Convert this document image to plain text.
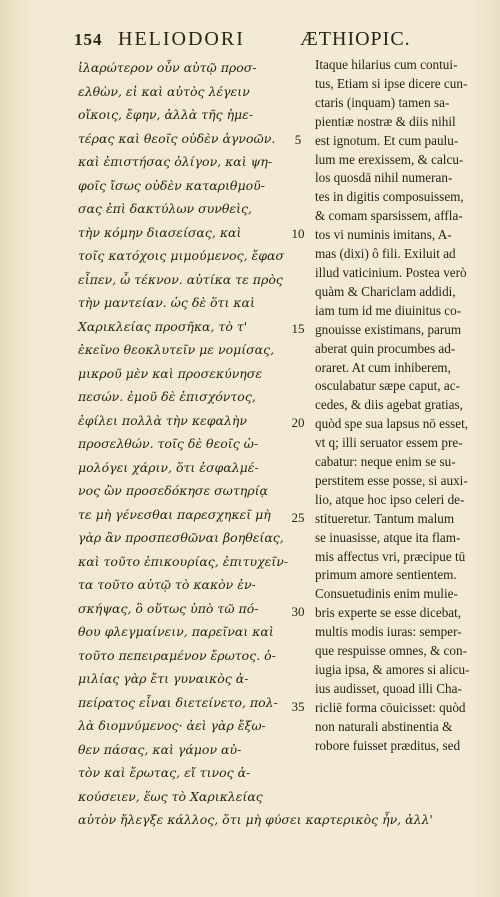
154 HELIODORI	ÆTHIOPIC.
ἱλαρώτερον οὖν αὐτῷ προσ-
ελθὼν, εἰ καὶ αὐτὸς λέγειν
οἴκοις, ἔφην, ἀλλὰ τῆς ἡμε-
τέρας καὶ θεοῖς οὐδὲν ἀγνοῶν.
καὶ ἐπιστήσας ὀλίγον, καὶ ψη-
φοῖς ἴσως οὐδὲν καταριθμοῦ-
σας ἐπὶ δακτύλων συνθεὶς,
τὴν κόμην διασείσας, καὶ
τοῖς κατόχοις μιμούμενος, ἔφασ
εἶπεν, ὦ τέκνον. αὐτίκα τε πρὸς
τὴν μαντείαν. ὡς δὲ ὅτι καὶ
Χαρικλείας προσῆκα, τὸ τ'
ἐκεῖνο θεοκλυτεῖν με νομίσας,
μικροῦ μὲν καὶ προσεκύνησε
πεσών. ἐμοῦ δὲ ἐπισχόντος,
ἐφίλει πολλὰ τὴν κεφαλὴν
προσελθών. τοῖς δὲ θεοῖς ὡ-
μολόγει χάριν, ὅτι ἐσφαλμέ-
νος ὢν προσεδόκησε σωτηρίᾳ
τε μὴ γένεσθαι παρεσχηκεῖ μὴ
γὰρ ἂν προσπεσθῶναι βοηθείας,
καὶ τοῦτο ἐπικουρίας, ἐπιτυχεῖν-
τα τοῦτο αὐτῷ τὸ κακὸν ἐν-
σκήψας, ὃ οὕτως ὑπὸ τῶ πό-
θου φλεγμαίνειν, παρεῖναι καὶ
τοῦτο πεπειραμένον ἔρωτος. ὁ-
μιλίας γὰρ ἔτι γυναικὸς ἀ-
πείρατος εἶναι διετείνετο, πολ-
λὰ διομνύμενος· ἀεὶ γὰρ ἔξω-
θεν πάσας, καὶ γάμον αὐ-
τὸν καὶ ἔρωτας, εἴ τινος ἀ-
κούσειεν, ἕως τὸ Χαρικλείας
αὐτὸν ἤλεγξε κάλλος, ὅτι μὴ φύσει καρτερικὸς ἦν, ἀλλ'
5
10
15
20
25
30
35
Itaque hilarius cum contui-
tus, Etiam si ipse dicere cun-
ctaris (inquam) tamen sa-
pientiæ nostræ & diis nihil
est ignotum. Et cum paulu-
lum me erexissem, & calcu-
los quosdā nihil numeran-
tes in digitis composuissem,
& comam sparsissem, affla-
tos vi numinis imitans, A-
mas (dixi) ô fili. Exiluit ad
illud vaticinium. Postea verò
quàm & Chariclam addidi,
iam tum id me diuinitus co-
gnouisse existimans, parum
aberat quin procumbes ad-
oraret. At cum inhiberem,
osculabatur sæpe caput, ac-
cedes, & diis agebat gratias,
quòd spe sua lapsus nō esset,
vt q; illi seruator essem pre-
cabatur: neque enim se su-
perstitem esse posse, si auxi-
lio, atque hoc ipso celeri de-
stitueretur. Tantum malum
se inuasisse, atque ita flam-
mis affectus vri, præcipue tū
primum amore sentientem.
Consuetudinis enim mulie-
bris experte se esse dicebat,
multis modis iuras: semper-
que respuisse omnes, & con-
iugia ipsa, & amores si alicu-
ius audisset, quoad illi Cha-
ricliē forma cōuicisset: quòd
non naturali abstinentia &
robore fuisset præditus, sed
